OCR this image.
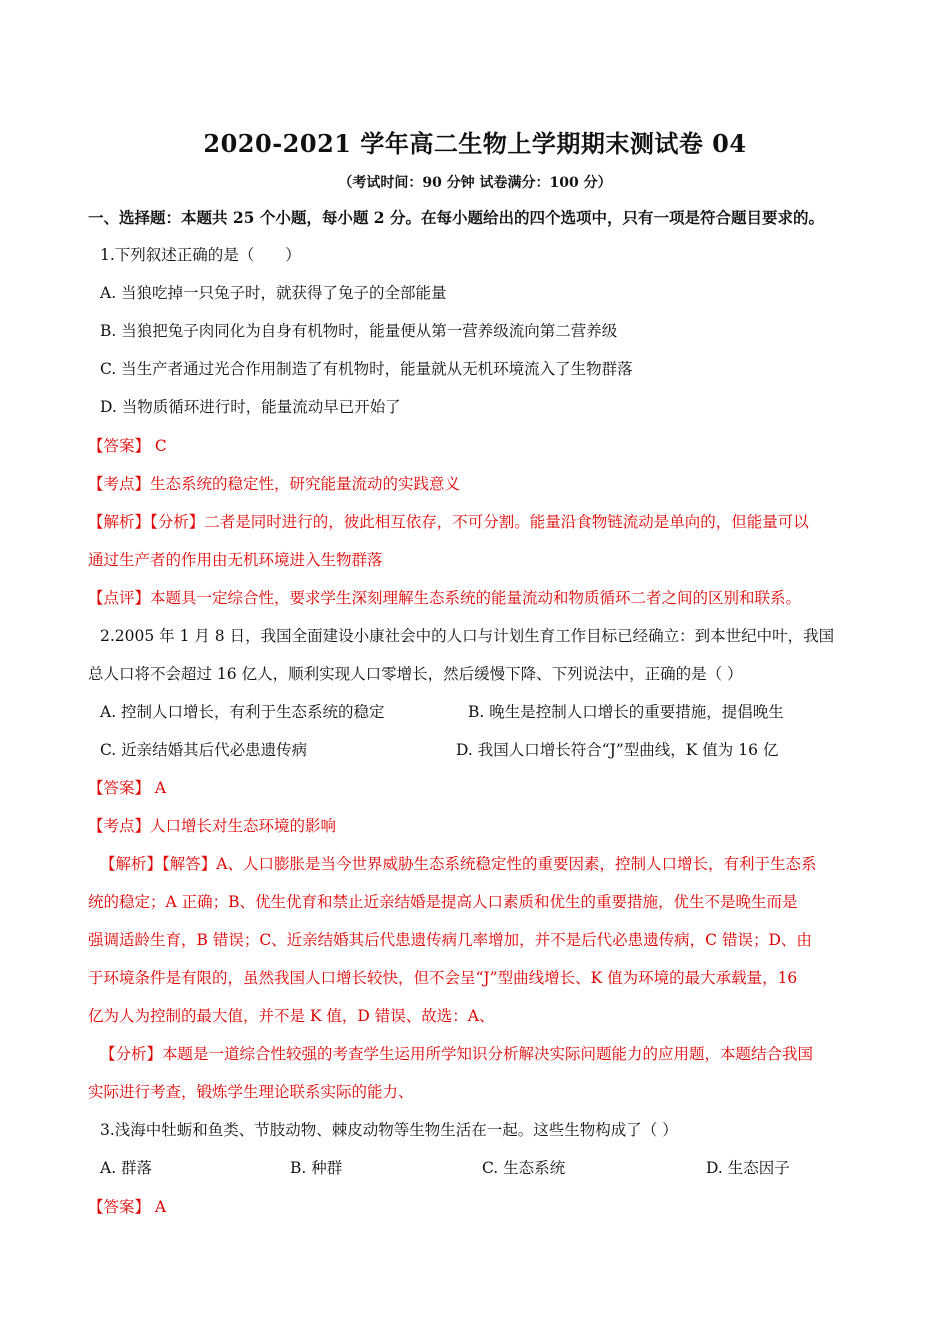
2020-2021 学年高二生物上学期期末测试卷 04
（考试时间：90 分钟 试卷满分：100 分）
一、选择题：本题共 25 个小题，每小题 2 分。在每小题给出的四个选项中，只有一项是符合题目要求的。
1.下列叙述正确的是（　　）
A. 当狼吃掉一只兔子时，就获得了兔子的全部能量
B. 当狼把兔子肉同化为自身有机物时，能量便从第一营养级流向第二营养级
C. 当生产者通过光合作用制造了有机物时，能量就从无机环境流入了生物群落
D. 当物质循环进行时，能量流动早已开始了
【答案】 C
【考点】生态系统的稳定性，研究能量流动的实践意义
【解析】【分析】二者是同时进行的，彼此相互依存，不可分割。能量沿食物链流动是单向的，但能量可以
通过生产者的作用由无机环境进入生物群落
【点评】本题具一定综合性，要求学生深刻理解生态系统的能量流动和物质循环二者之间的区别和联系。
2.2005 年 1 月 8 日，我国全面建设小康社会中的人口与计划生育工作目标已经确立：到本世纪中叶，我国
总人口将不会超过 16 亿人，顺利实现人口零增长，然后缓慢下降、下列说法中，正确的是（ ）
A. 控制人口增长，有利于生态系统的稳定	B. 晚生是控制人口增长的重要措施，提倡晚生
C. 近亲结婚其后代必患遗传病	D. 我国人口增长符合“J”型曲线，K 值为 16 亿
【答案】 A
【考点】人口增长对生态环境的影响
【解析】【解答】A、人口膨胀是当今世界威胁生态系统稳定性的重要因素，控制人口增长，有利于生态系
统的稳定；A 正确；B、优生优育和禁止近亲结婚是提高人口素质和优生的重要措施，优生不是晚生而是
强调适龄生育，B 错误；C、近亲结婚其后代患遗传病几率增加，并不是后代必患遗传病，C 错误；D、由
于环境条件是有限的，虽然我国人口增长较快，但不会呈“J”型曲线增长、K 值为环境的最大承载量，16
亿为人为控制的最大值，并不是 K 值，D 错误、故选：A、
【分析】本题是一道综合性较强的考查学生运用所学知识分析解决实际问题能力的应用题，本题结合我国
实际进行考查，锻炼学生理论联系实际的能力、
3.浅海中牡蛎和鱼类、节肢动物、棘皮动物等生物生活在一起。这些生物构成了（ ）
A. 群落	B. 种群	C. 生态系统	D. 生态因子
【答案】 A
